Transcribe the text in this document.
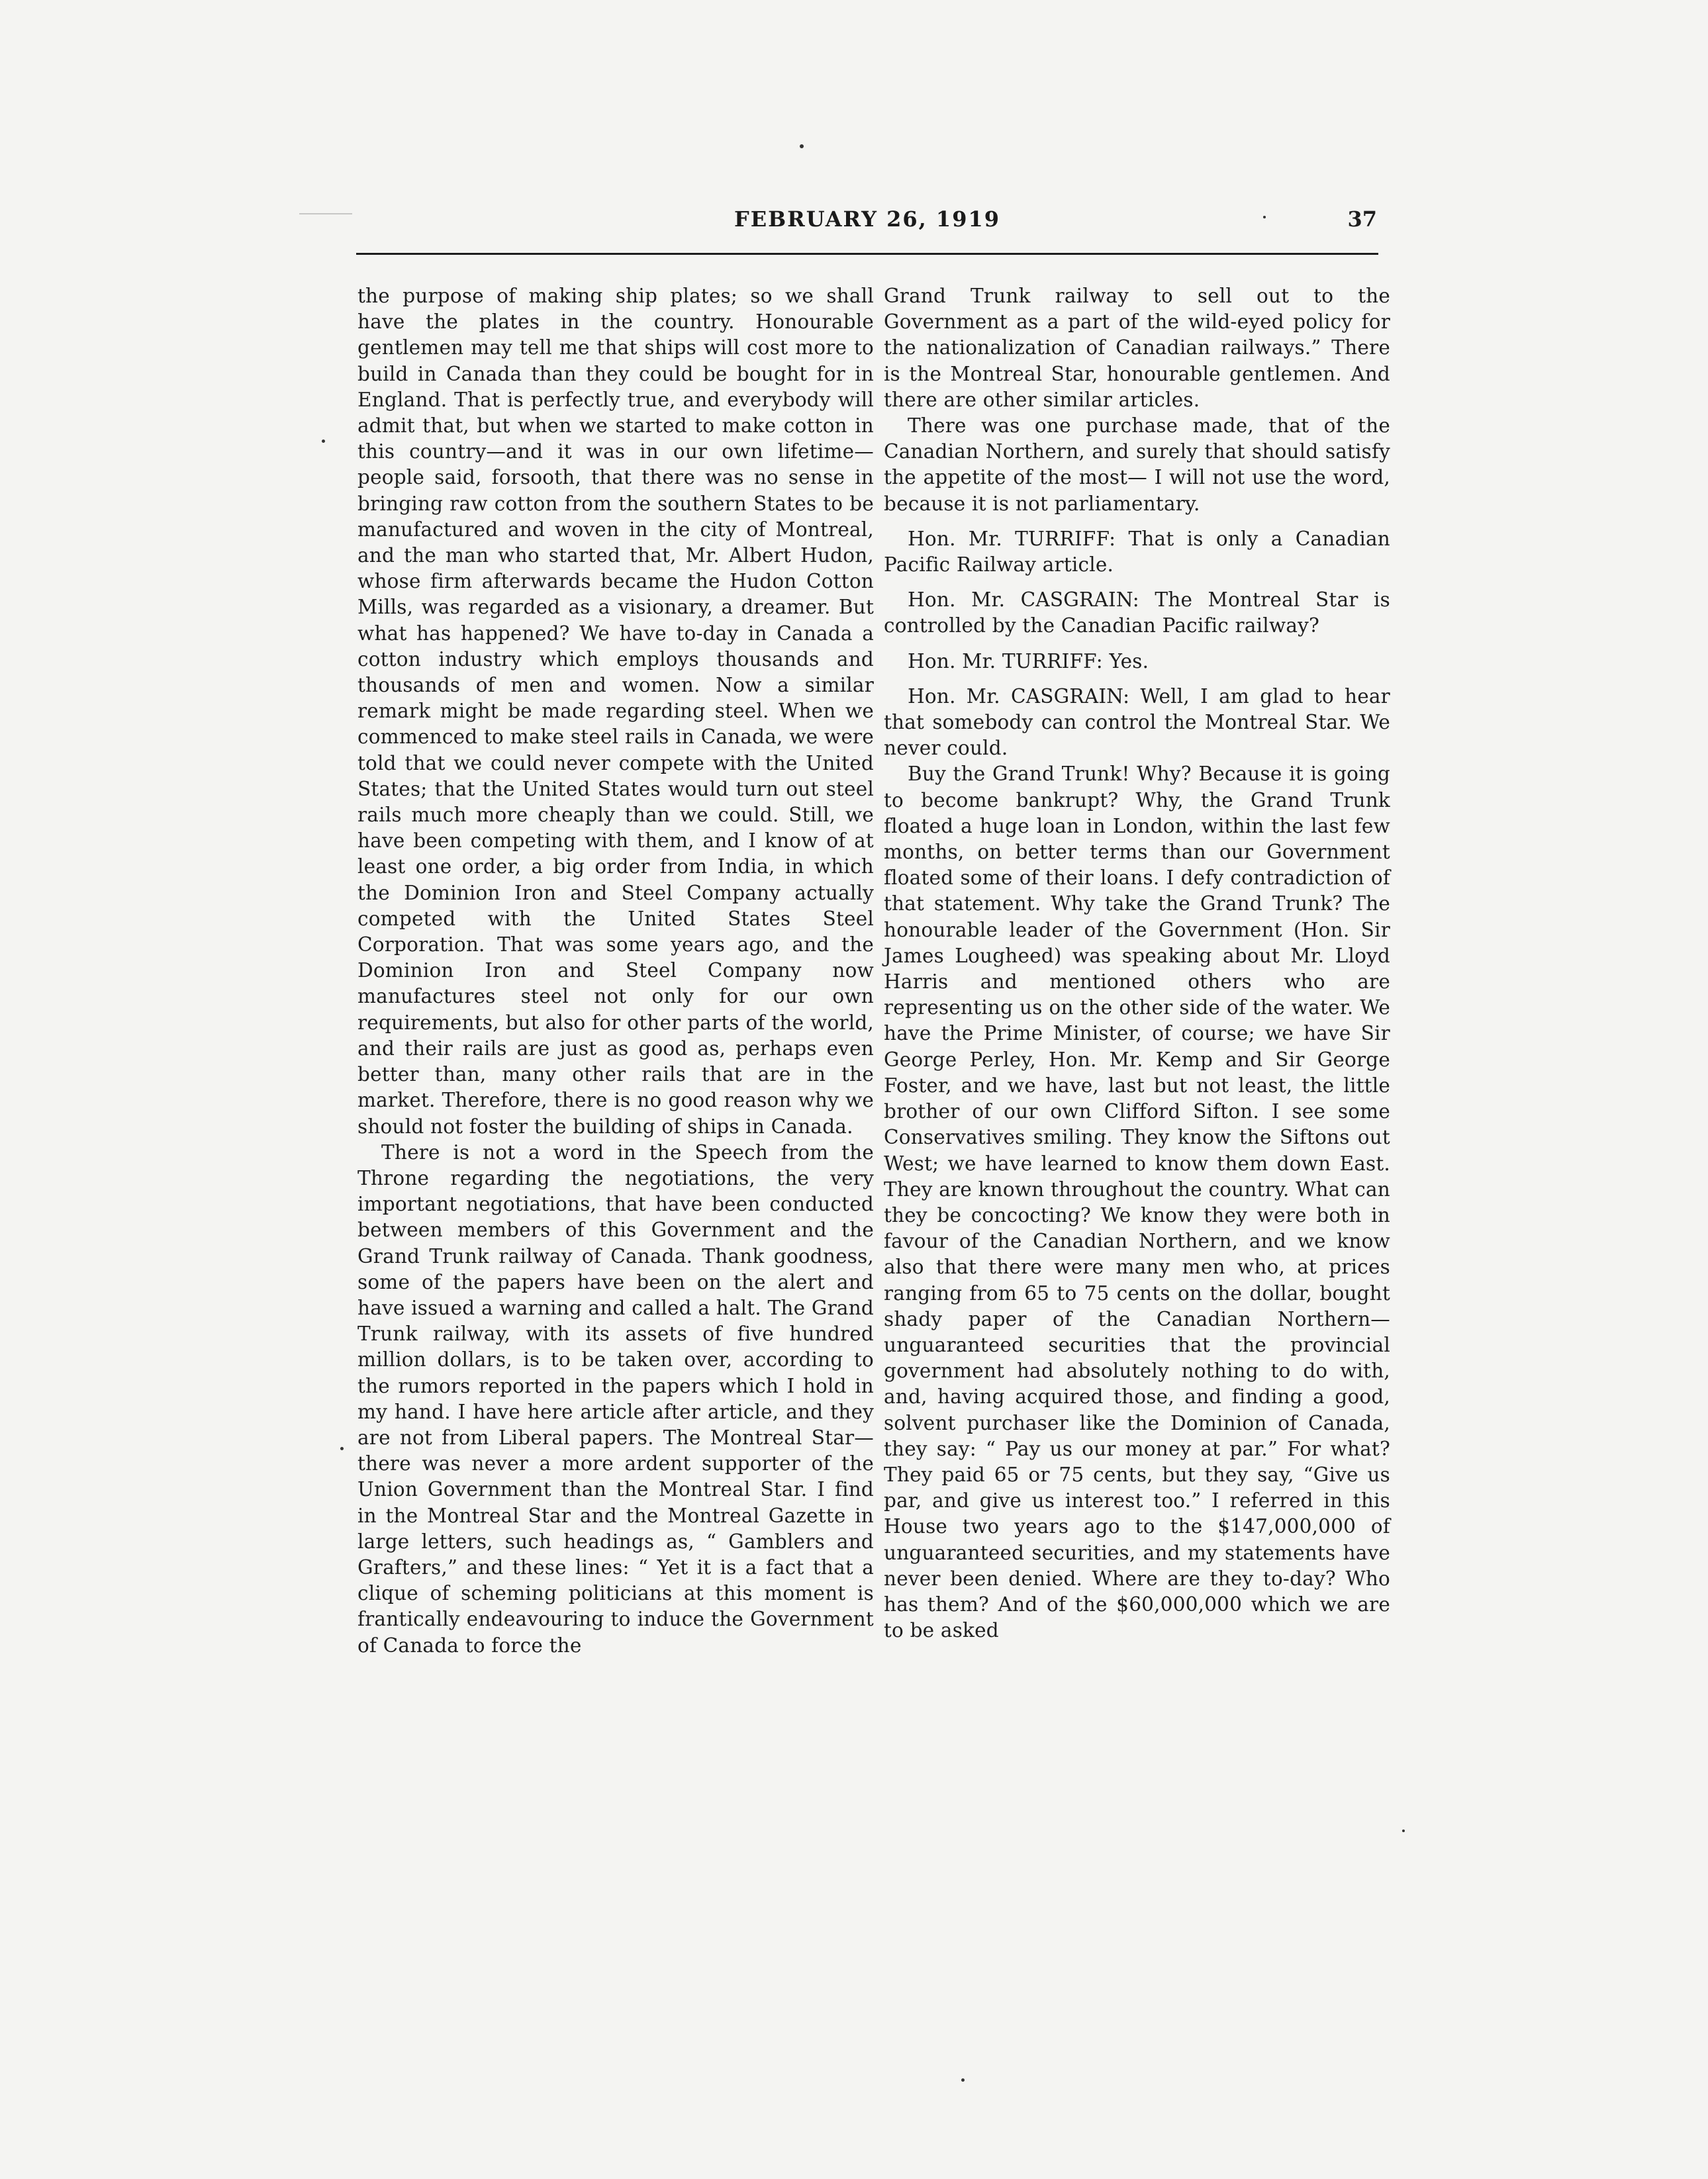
FEBRUARY 26, 1919	37

the purpose of making ship plates; so we shall have the plates in the country. Honourable gentlemen may tell me that ships will cost more to build in Canada than they could be bought for in England. That is perfectly true, and everybody will admit that, but when we started to make cotton in this country—and it was in our own lifetime—people said, forsooth, that there was no sense in bringing raw cotton from the southern States to be manufactured and woven in the city of Montreal, and the man who started that, Mr. Albert Hudon, whose firm afterwards became the Hudon Cotton Mills, was regarded as a visionary, a dreamer. But what has happened? We have to-day in Canada a cotton industry which employs thousands and thousands of men and women. Now a similar remark might be made regarding steel. When we commenced to make steel rails in Canada, we were told that we could never compete with the United States; that the United States would turn out steel rails much more cheaply than we could. Still, we have been competing with them, and I know of at least one order, a big order from India, in which the Dominion Iron and Steel Company actually competed with the United States Steel Corporation. That was some years ago, and the Dominion Iron and Steel Company now manufactures steel not only for our own requirements, but also for other parts of the world, and their rails are just as good as, perhaps even better than, many other rails that are in the market. Therefore, there is no good reason why we should not foster the building of ships in Canada.

There is not a word in the Speech from the Throne regarding the negotiations, the very important negotiations, that have been conducted between members of this Government and the Grand Trunk railway of Canada. Thank goodness, some of the papers have been on the alert and have issued a warning and called a halt. The Grand Trunk railway, with its assets of five hundred million dollars, is to be taken over, according to the rumors reported in the papers which I hold in my hand. I have here article after article, and they are not from Liberal papers. The Montreal Star— there was never a more ardent supporter of the Union Government than the Montreal Star. I find in the Montreal Star and the Montreal Gazette in large letters, such headings as, “ Gamblers and Grafters,” and these lines: “ Yet it is a fact that a clique of scheming politicians at this moment is frantically endeavouring to induce the Government of Canada to force the

Grand Trunk railway to sell out to the Government as a part of the wild-eyed policy for the nationalization of Canadian railways.” There is the Montreal Star, honourable gentlemen. And there are other similar articles.

There was one purchase made, that of the Canadian Northern, and surely that should satisfy the appetite of the most— I will not use the word, because it is not parliamentary.

Hon. Mr. TURRIFF: That is only a Canadian Pacific Railway article.

Hon. Mr. CASGRAIN: The Montreal Star is controlled by the Canadian Pacific railway?

Hon. Mr. TURRIFF: Yes.

Hon. Mr. CASGRAIN: Well, I am glad to hear that somebody can control the Montreal Star. We never could.

Buy the Grand Trunk! Why? Because it is going to become bankrupt? Why, the Grand Trunk floated a huge loan in London, within the last few months, on better terms than our Government floated some of their loans. I defy contradiction of that statement. Why take the Grand Trunk? The honourable leader of the Government (Hon. Sir James Lougheed) was speaking about Mr. Lloyd Harris and mentioned others who are representing us on the other side of the water. We have the Prime Minister, of course; we have Sir George Perley, Hon. Mr. Kemp and Sir George Foster, and we have, last but not least, the little brother of our own Clifford Sifton. I see some Conservatives smiling. They know the Siftons out West; we have learned to know them down East. They are known throughout the country. What can they be concocting? We know they were both in favour of the Canadian Northern, and we know also that there were many men who, at prices ranging from 65 to 75 cents on the dollar, bought shady paper of the Canadian Northern—unguaranteed securities that the provincial government had absolutely nothing to do with, and, having acquired those, and finding a good, solvent purchaser like the Dominion of Canada, they say: “ Pay us our money at par.” For what? They paid 65 or 75 cents, but they say, “Give us par, and give us interest too.” I referred in this House two years ago to the $147,000,000 of unguaranteed securities, and my statements have never been denied. Where are they to-day? Who has them? And of the $60,000,000 which we are to be asked
